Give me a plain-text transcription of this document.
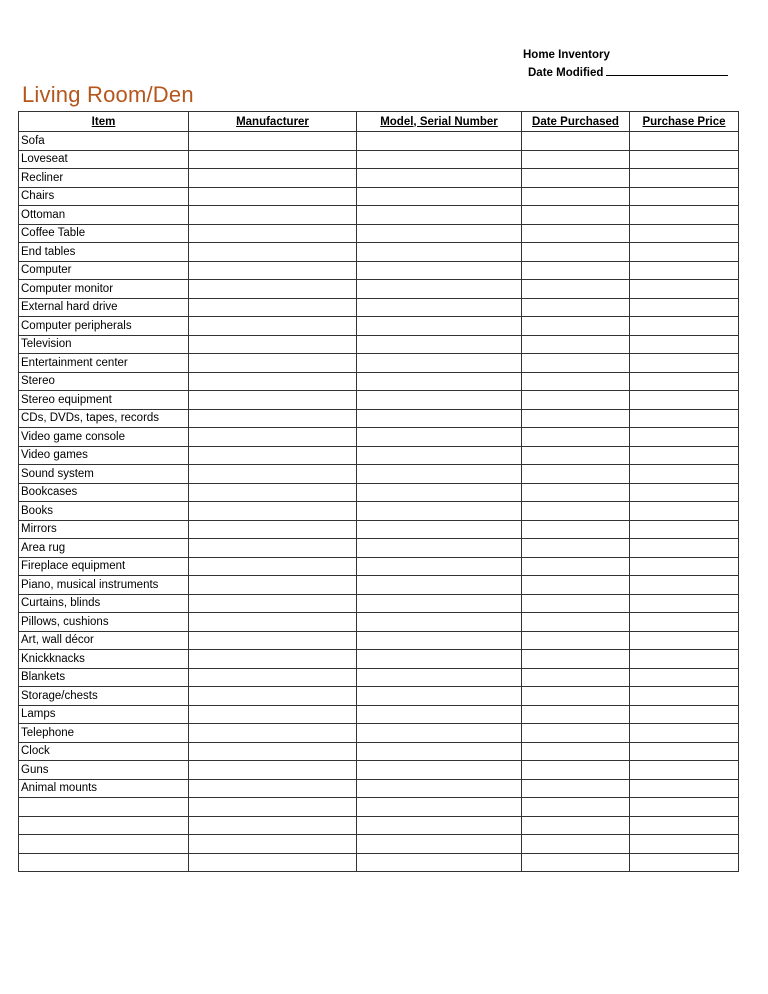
Home Inventory
Date Modified
Living Room/Den
Item	Manufacturer	Model, Serial Number	Date Purchased	Purchase Price
Sofa				
Loveseat				
Recliner				
Chairs				
Ottoman				
Coffee Table				
End tables				
Computer				
Computer monitor				
External hard drive				
Computer peripherals				
Television				
Entertainment center				
Stereo				
Stereo equipment				
CDs, DVDs, tapes, records				
Video game console				
Video games				
Sound system				
Bookcases				
Books				
Mirrors				
Area rug				
Fireplace equipment				
Piano, musical instruments				
Curtains, blinds				
Pillows, cushions				
Art, wall décor				
Knickknacks				
Blankets				
Storage/chests				
Lamps				
Telephone				
Clock				
Guns				
Animal mounts				
